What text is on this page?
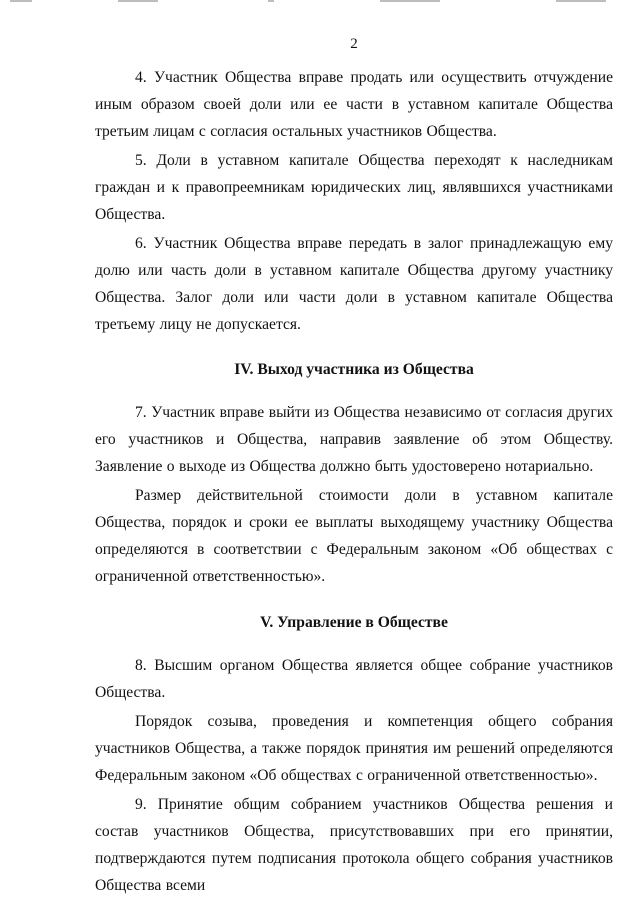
2

4. Участник Общества вправе продать или осуществить отчуждение иным образом своей доли или ее части в уставном капитале Общества третьим лицам с согласия остальных участников Общества.

5. Доли в уставном капитале Общества переходят к наследникам граждан и к правопреемникам юридических лиц, являвшихся участниками Общества.

6. Участник Общества вправе передать в залог принадлежащую ему долю или часть доли в уставном капитале Общества другому участнику Общества. Залог доли или части доли в уставном капитале Общества третьему лицу не допускается.

IV. Выход участника из Общества

7. Участник вправе выйти из Общества независимо от согласия других его участников и Общества, направив заявление об этом Обществу. Заявление о выходе из Общества должно быть удостоверено нотариально.

Размер действительной стоимости доли в уставном капитале Общества, порядок и сроки ее выплаты выходящему участнику Общества определяются в соответствии с Федеральным законом «Об обществах с ограниченной ответственностью».

V. Управление в Обществе

8. Высшим органом Общества является общее собрание участников Общества.

Порядок созыва, проведения и компетенция общего собрания участников Общества, а также порядок принятия им решений определяются Федеральным законом «Об обществах с ограниченной ответственностью».

9. Принятие общим собранием участников Общества решения и состав участников Общества, присутствовавших при его принятии, подтверждаются путем подписания протокола общего собрания участников Общества всеми
